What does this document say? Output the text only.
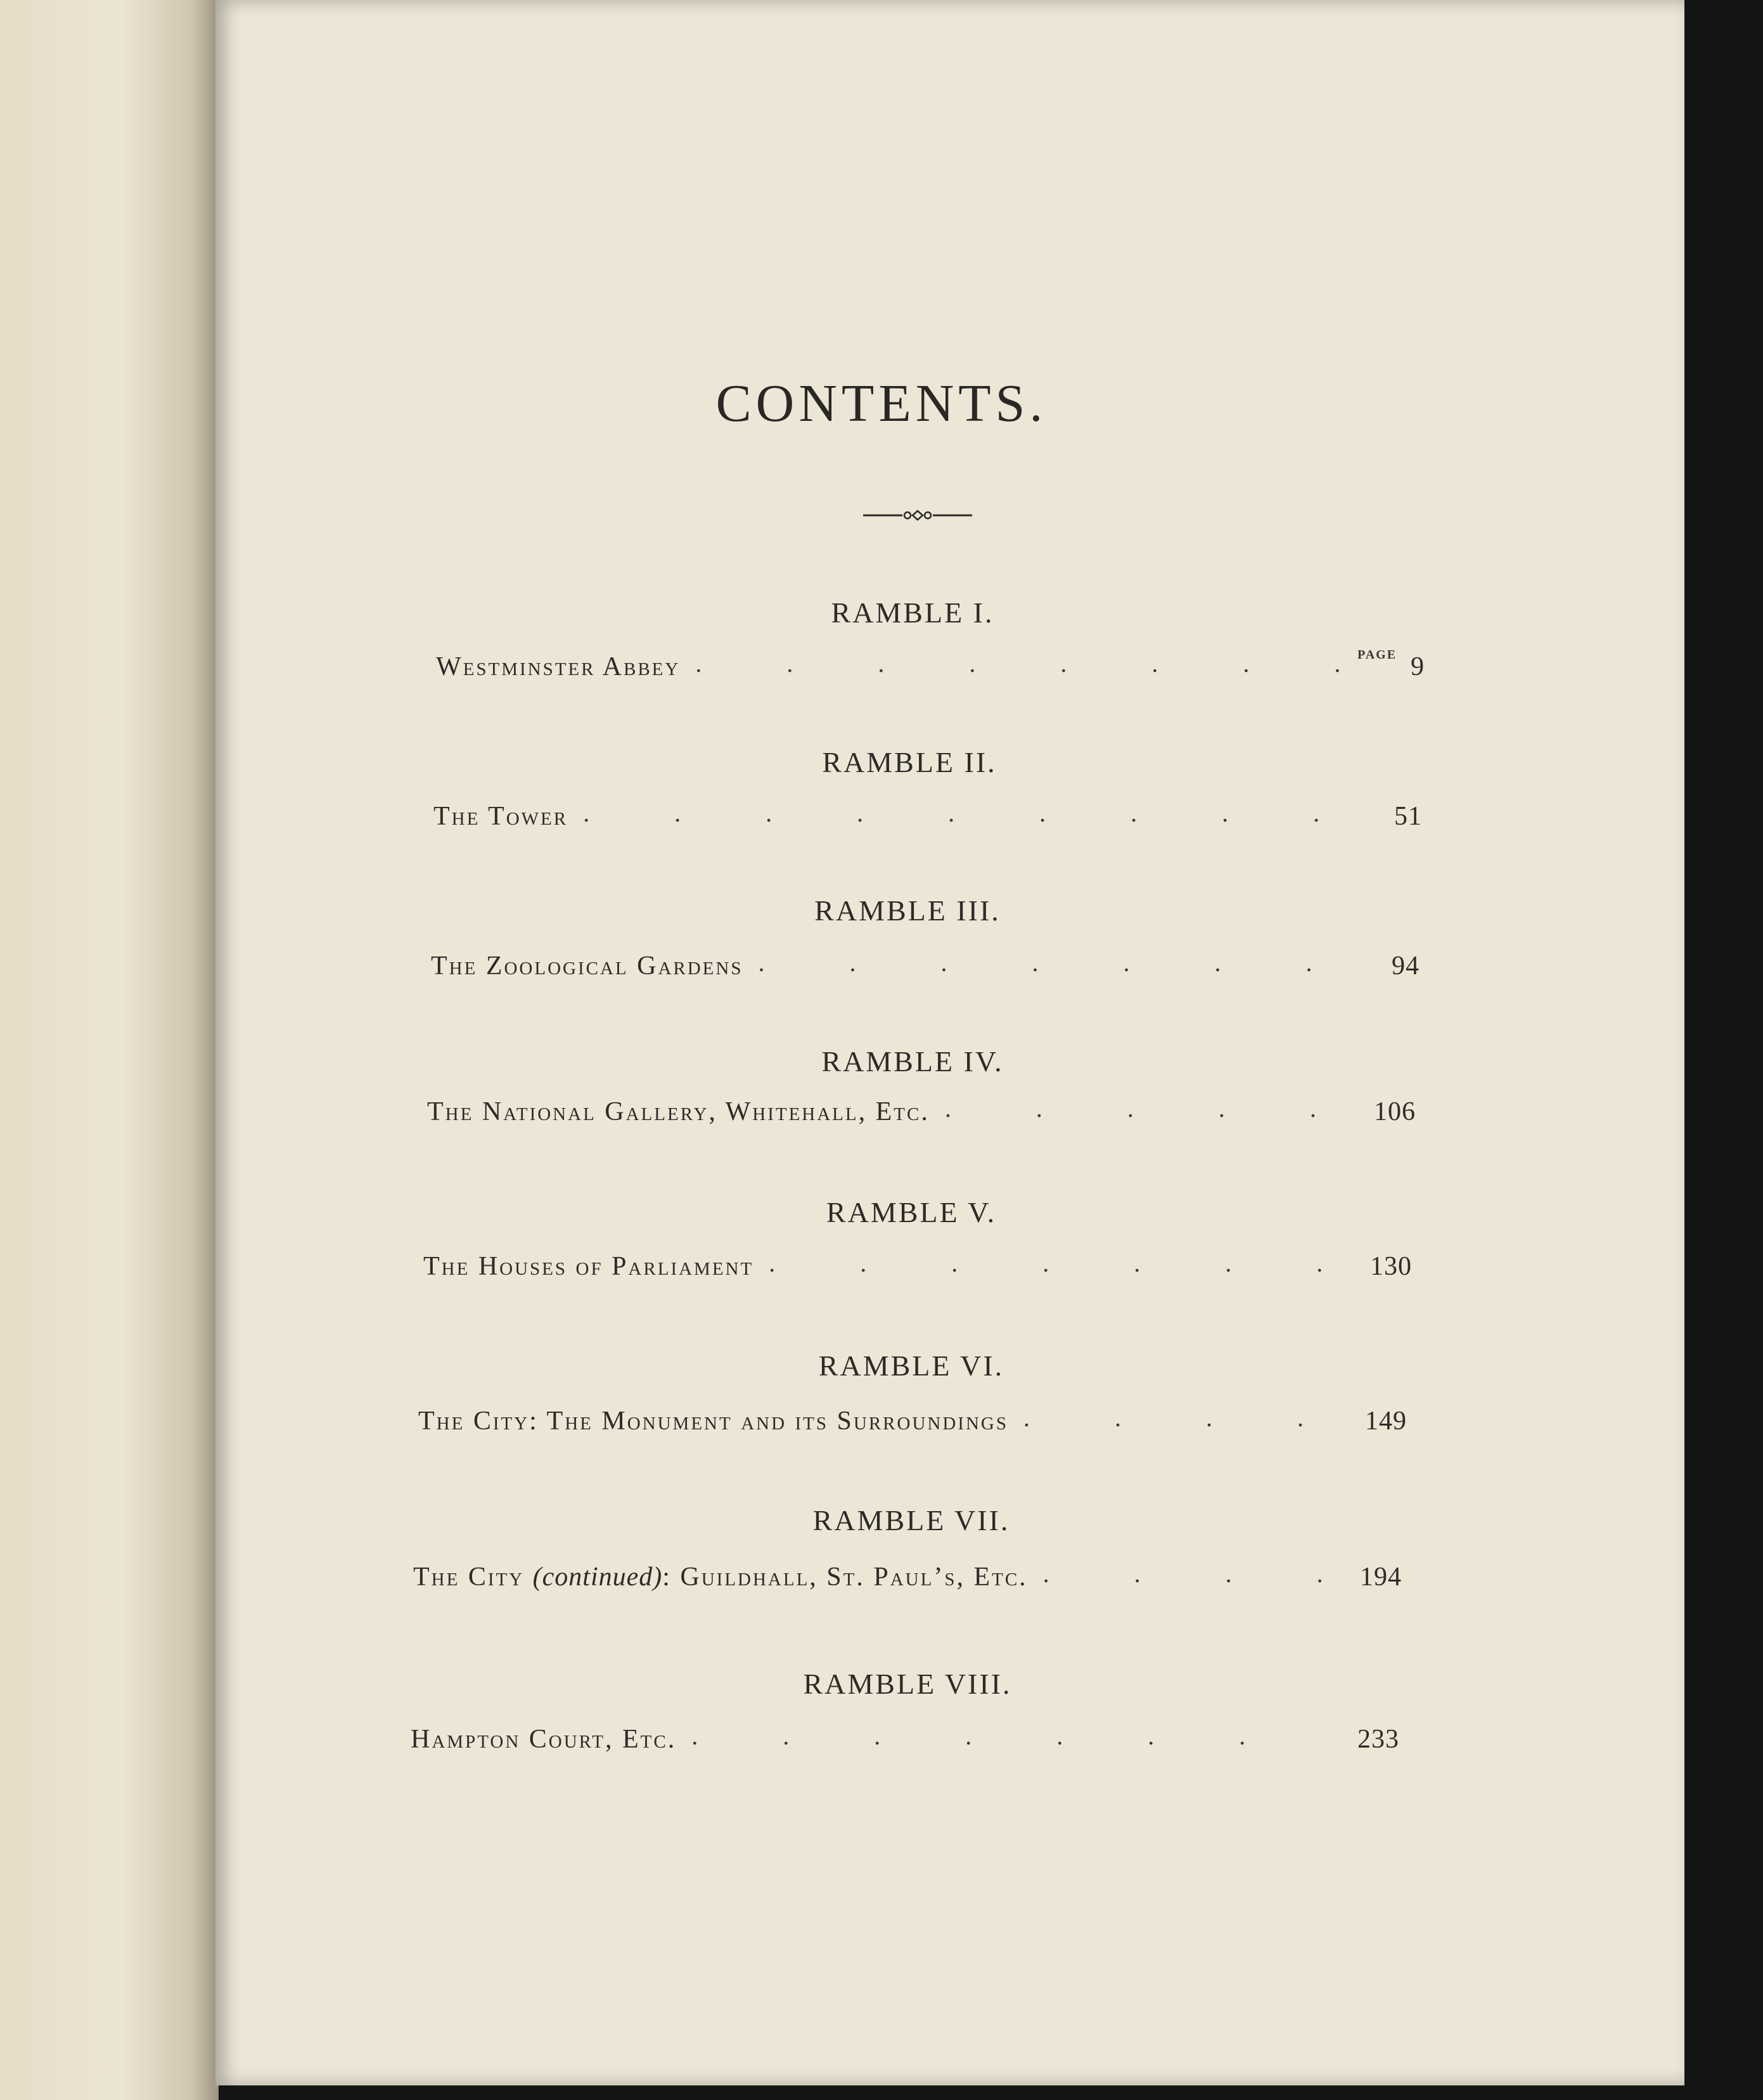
CONTENTS.
PAGE
RAMBLE I.
Westminster Abbey . . .	9
RAMBLE II.
The Tower . . .	51
RAMBLE III.
The Zoological Gardens . . .	94
RAMBLE IV.
The National Gallery, Whitehall, Etc. . . .	106
RAMBLE V.
The Houses of Parliament . . .	130
RAMBLE VI.
The City: The Monument and its Surroundings . . .	149
RAMBLE VII.
The City (continued): Guildhall, St. Paul’s, Etc. . . .	194
RAMBLE VIII.
Hampton Court, Etc. . . .	233
